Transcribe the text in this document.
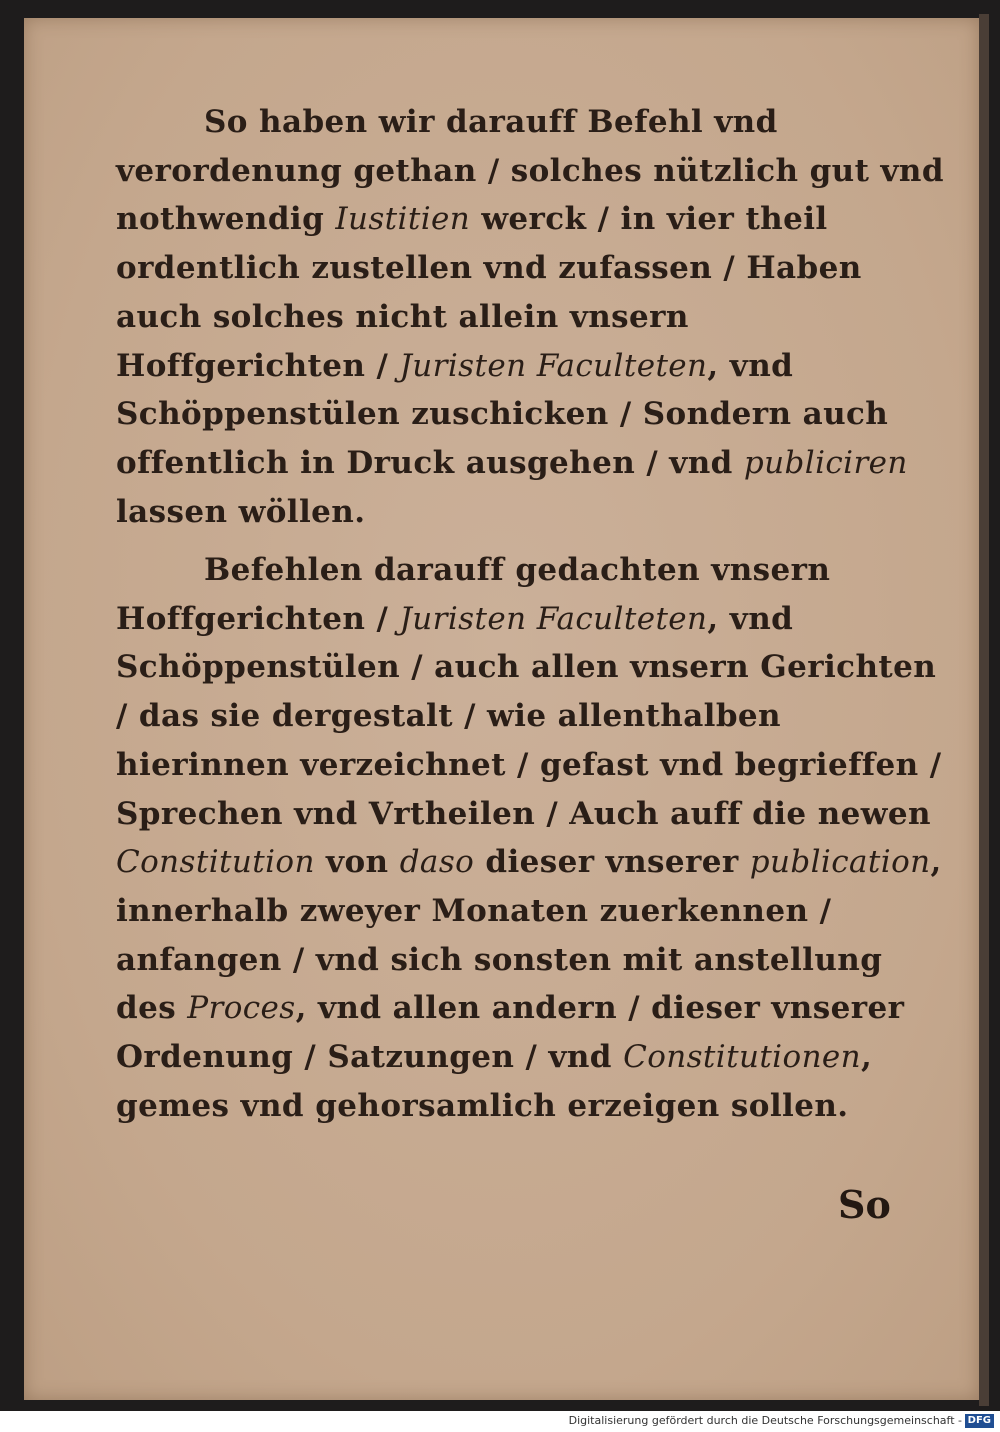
So haben wir darauff Befehl vnd verordenung gethan / solches nützlich gut vnd nothwendig Iustitien werck / in vier theil ordentlich zustellen vnd zufassen / Haben auch solches nicht allein vnsern Hoffgerichten / Juristen Faculteten, vnd Schöppenstülen zuschicken / Sondern auch offentlich in Druck ausgehen / vnd publiciren lassen wöllen.

Befehlen darauff gedachten vnsern Hoffgerichten / Juristen Faculteten, vnd Schöppenstülen / auch allen vnsern Gerichten / das sie dergestalt / wie allenthalben hierinnen verzeichnet / gefast vnd begrieffen / Sprechen vnd Vrtheilen / Auch auff die newen Constitution von daso dieser vnserer publication, innerhalb zweyer Monaten zuerkennen / anfangen / vnd sich sonsten mit anstellung des Proces, vnd allen andern / dieser vnserer Ordenung / Satzungen / vnd Constitutionen, gemes vnd gehorsamlich erzeigen sollen.

So
Digitalisierung gefördert durch die Deutsche Forschungsgemeinschaft - DFG
